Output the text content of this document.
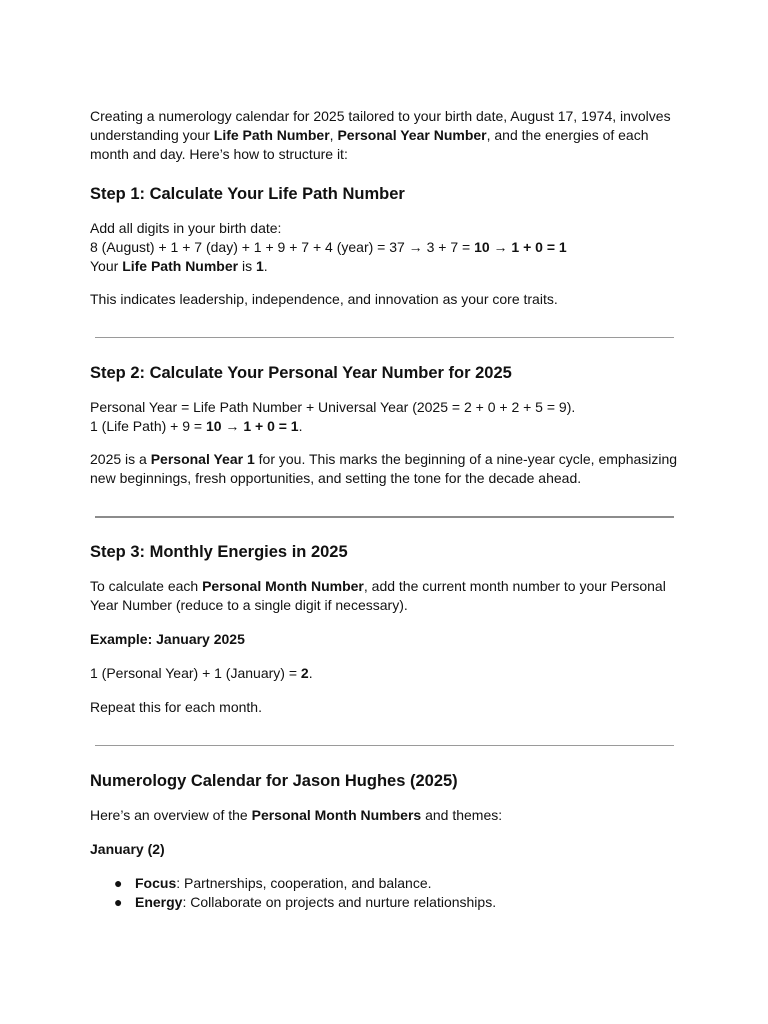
Creating a numerology calendar for 2025 tailored to your birth date, August 17, 1974, involves understanding your Life Path Number, Personal Year Number, and the energies of each month and day. Here’s how to structure it:

Step 1: Calculate Your Life Path Number

Add all digits in your birth date:

8 (August) + 1 + 7 (day) + 1 + 9 + 7 + 4 (year) = 37 → 3 + 7 = 10 → 1 + 0 = 1

Your Life Path Number is 1.

This indicates leadership, independence, and innovation as your core traits.

Step 2: Calculate Your Personal Year Number for 2025

Personal Year = Life Path Number + Universal Year (2025 = 2 + 0 + 2 + 5 = 9).

1 (Life Path) + 9 = 10 → 1 + 0 = 1.

2025 is a Personal Year 1 for you. This marks the beginning of a nine-year cycle, emphasizing new beginnings, fresh opportunities, and setting the tone for the decade ahead.

Step 3: Monthly Energies in 2025

To calculate each Personal Month Number, add the current month number to your Personal Year Number (reduce to a single digit if necessary).

Example: January 2025

1 (Personal Year) + 1 (January) = 2.

Repeat this for each month.

Numerology Calendar for Jason Hughes (2025)

Here’s an overview of the Personal Month Numbers and themes:

January (2)

● Focus: Partnerships, cooperation, and balance.
● Energy: Collaborate on projects and nurture relationships.
